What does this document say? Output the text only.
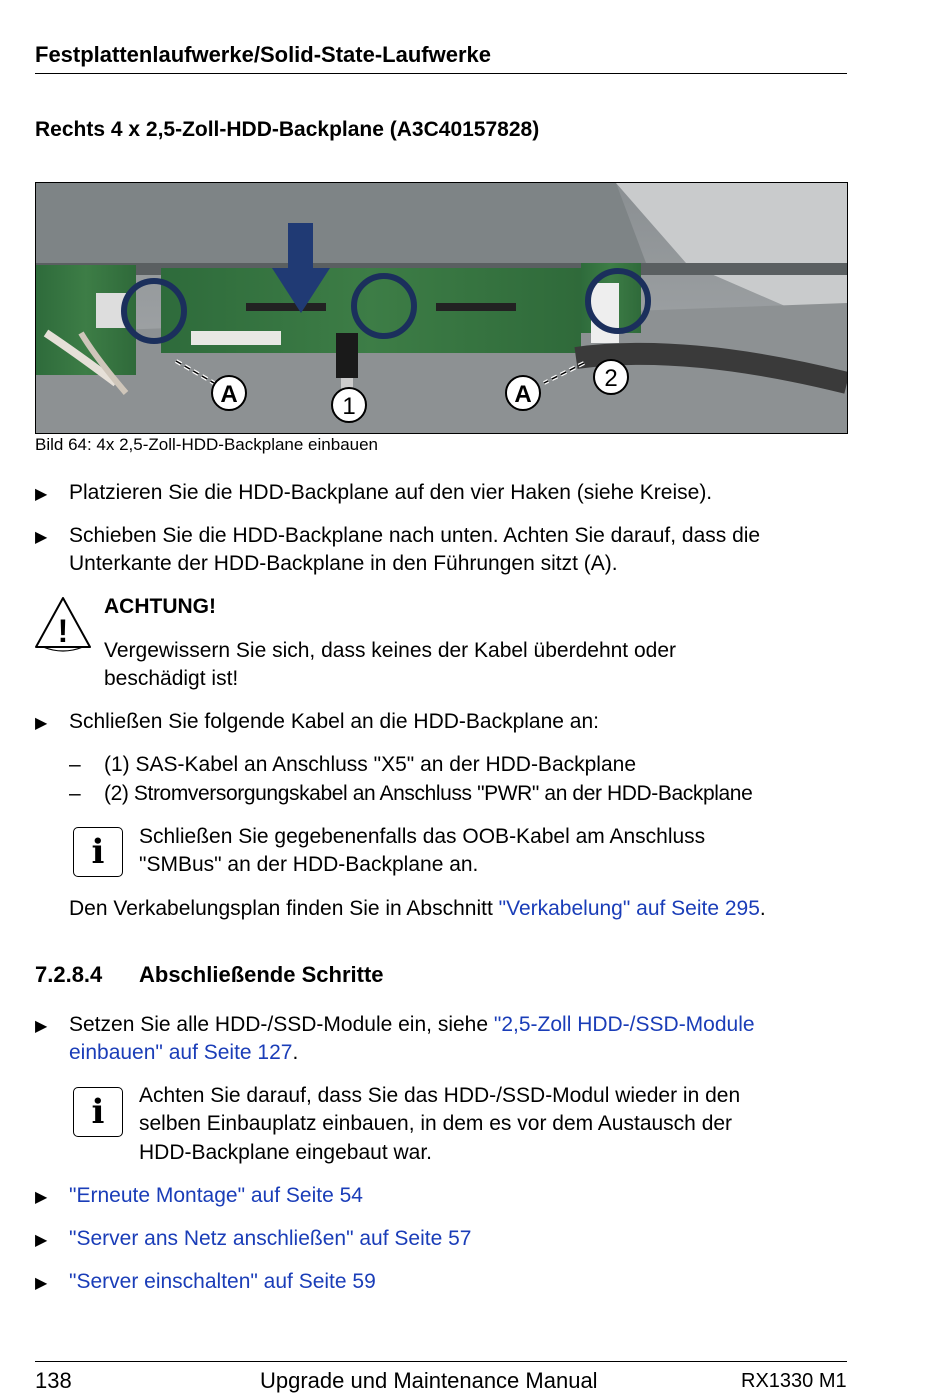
Festplattenlaufwerke/Solid-State-Laufwerke
Rechts 4 x 2,5-Zoll-HDD-Backplane (A3C40157828)
A	1	A
2
Bild 64: 4x 2,5-Zoll-HDD-Backplane einbauen
▶	Platzieren Sie die HDD-Backplane auf den vier Haken (siehe Kreise).
▶	Schieben Sie die HDD-Backplane nach unten. Achten Sie darauf, dass die
Unterkante der HDD-Backplane in den Führungen sitzt (A).
!
ACHTUNG!
Vergewissern Sie sich, dass keines der Kabel überdehnt oder
beschädigt ist!
▶	Schließen Sie folgende Kabel an die HDD-Backplane an:
–	(1) SAS-Kabel an Anschluss "X5" an der HDD-Backplane
–	(2) Stromversorgungskabel an Anschluss "PWR" an der HDD-Backplane
i	Schließen Sie gegebenenfalls das OOB-Kabel am Anschluss
"SMBus" an der HDD-Backplane an.
Den Verkabelungsplan finden Sie in Abschnitt "Verkabelung" auf Seite 295.
7.2.8.4 Abschließende Schritte
▶	Setzen Sie alle HDD-/SSD-Module ein, siehe "2,5-Zoll HDD-/SSD-Module
einbauen" auf Seite 127.
i	Achten Sie darauf, dass Sie das HDD-/SSD-Modul wieder in den
selben Einbauplatz einbauen, in dem es vor dem Austausch der
HDD-Backplane eingebaut war.
▶	"Erneute Montage" auf Seite 54
▶	"Server ans Netz anschließen" auf Seite 57
▶	"Server einschalten" auf Seite 59
138	Upgrade und Maintenance Manual	RX1330 M1
